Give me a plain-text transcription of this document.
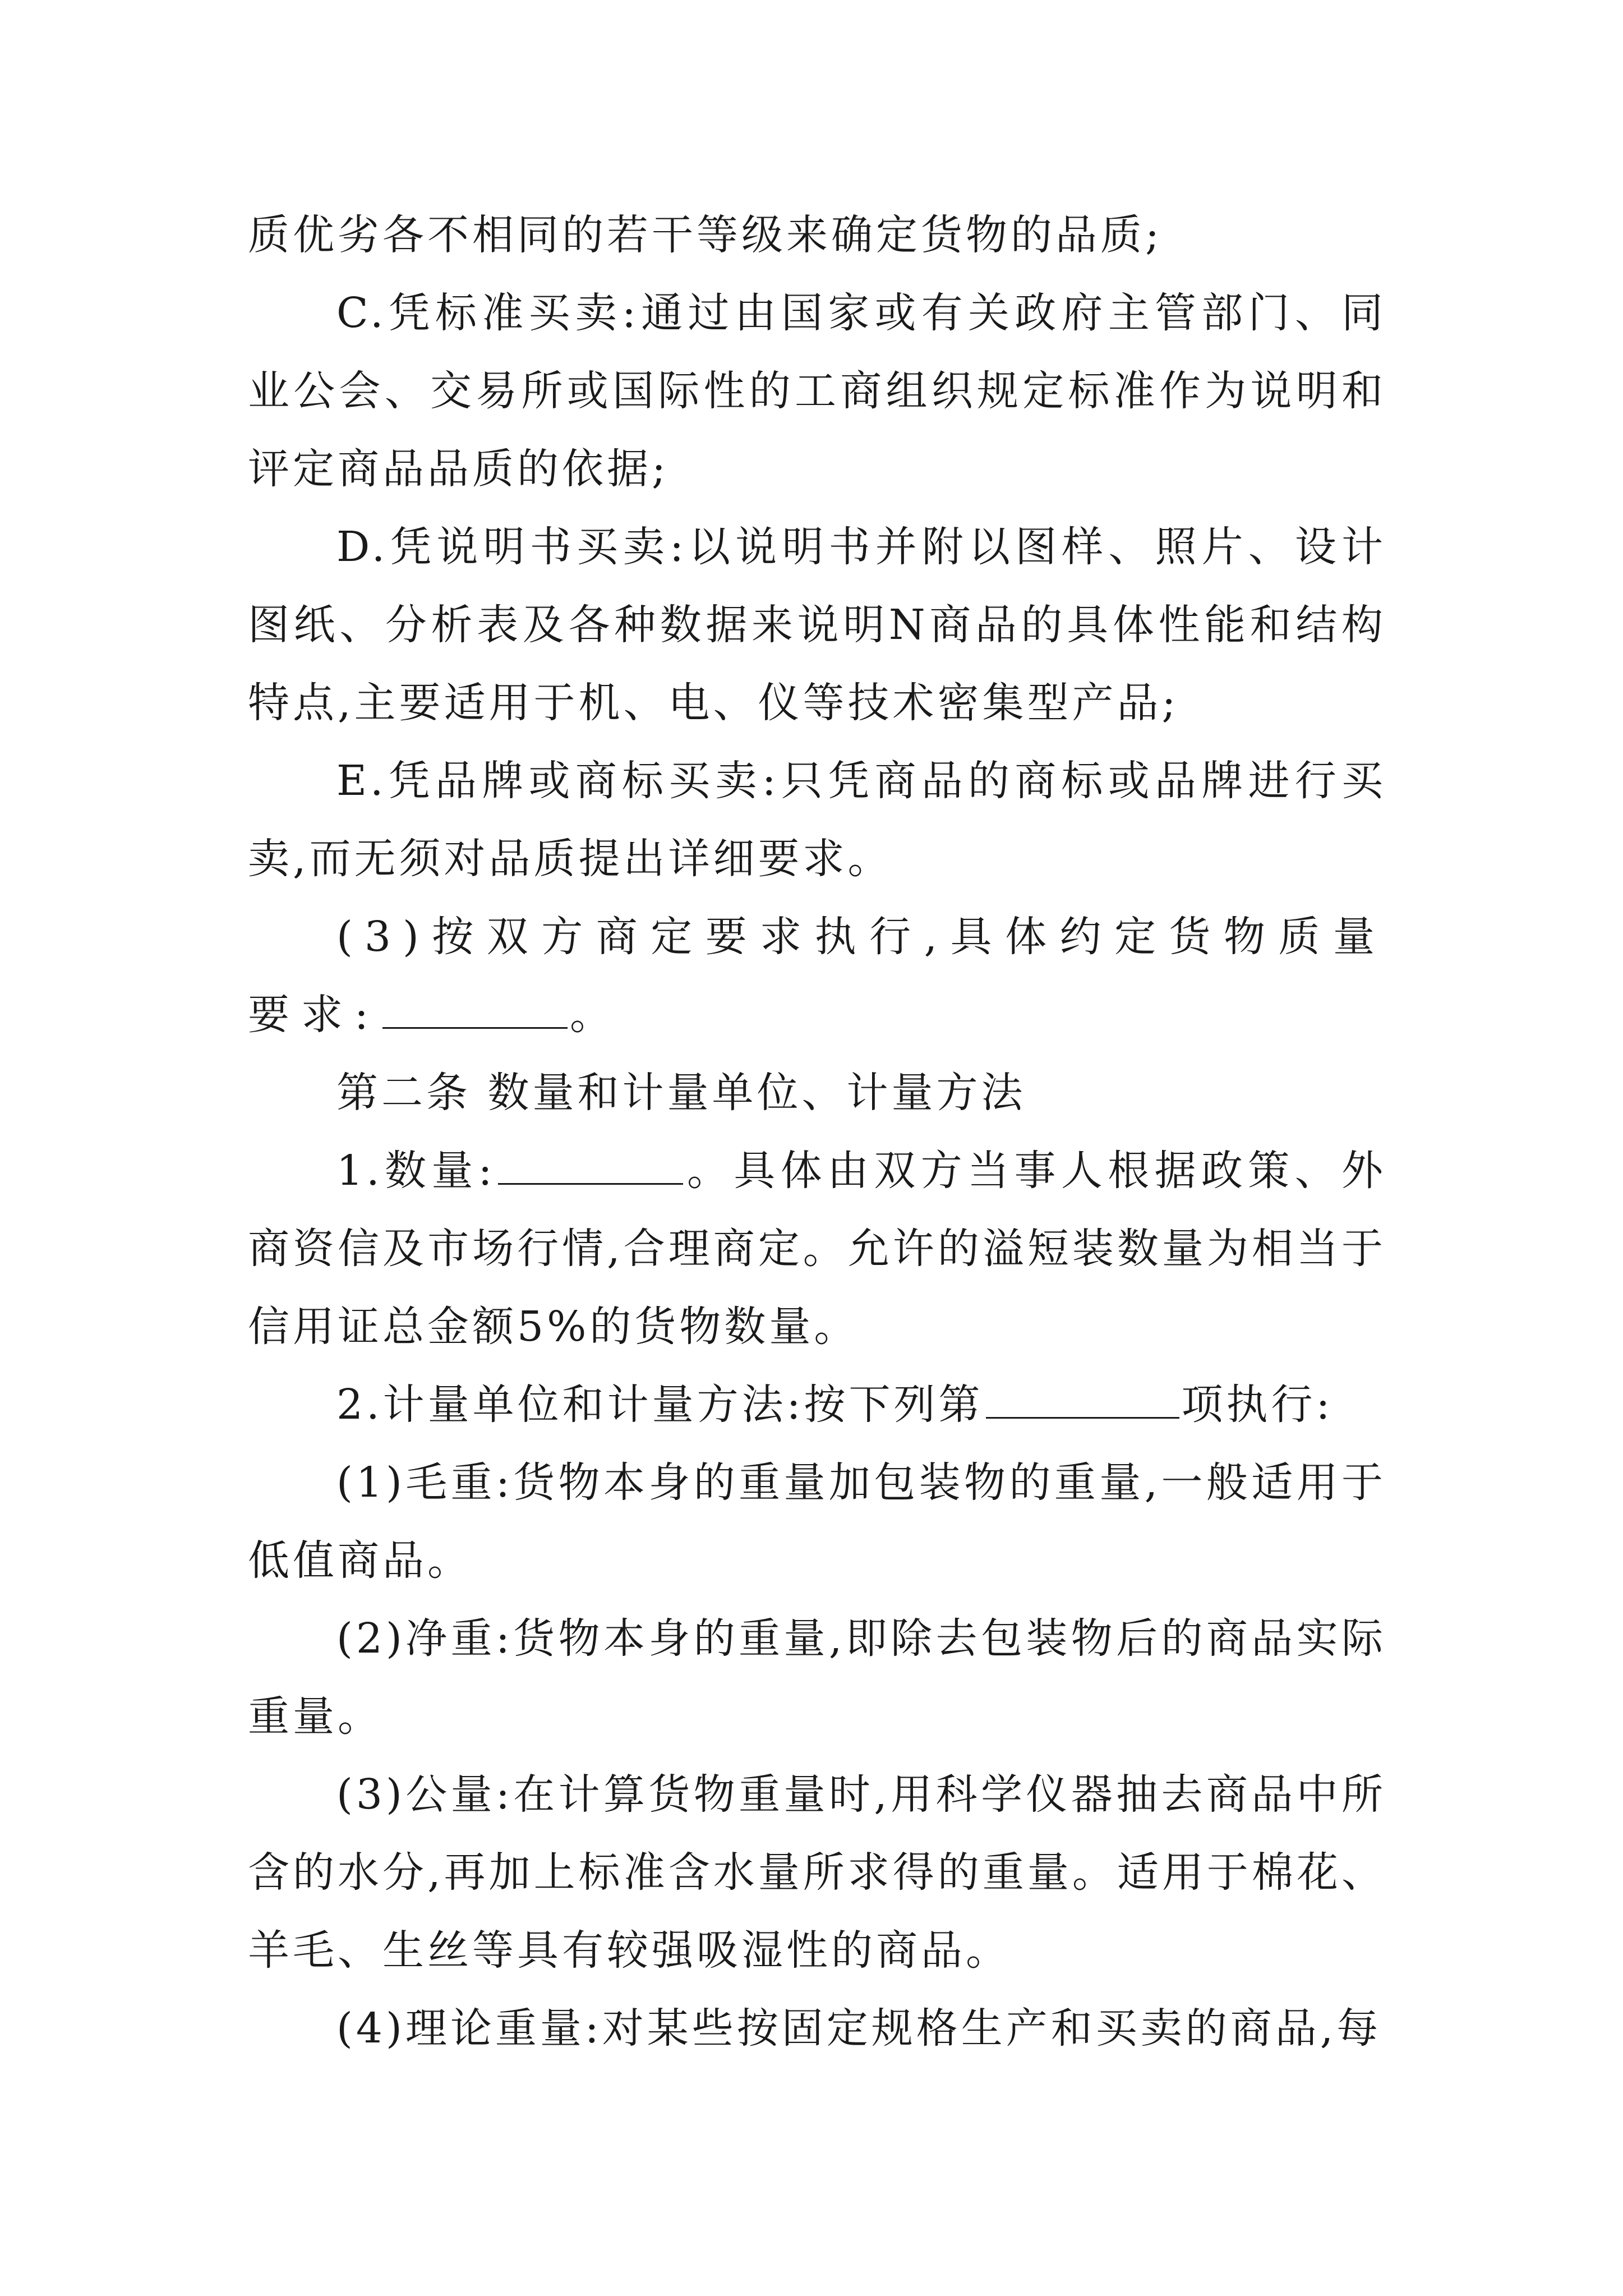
质优劣各不相同的若干等级来确定货物的品质;

C.凭标准买卖:通过由国家或有关政府主管部门、同业公会、交易所或国际性的工商组织规定标准作为说明和评定商品品质的依据;

D.凭说明书买卖:以说明书并附以图样、照片、设计图纸、分析表及各种数据来说明N商品的具体性能和结构特点,主要适用于机、电、仪等技术密集型产品;

E.凭品牌或商标买卖:只凭商品的商标或品牌进行买卖,而无须对品质提出详细要求。

(3)按双方商定要求执行,具体约定货物质量要求:	。

第二条 数量和计量单位、计量方法

1.数量:	。具体由双方当事人根据政策、外商资信及市场行情,合理商定。允许的溢短装数量为相当于信用证总金额5%的货物数量。

2.计量单位和计量方法:按下列第	项执行:

(1)毛重:货物本身的重量加包装物的重量,一般适用于低值商品。

(2)净重:货物本身的重量,即除去包装物后的商品实际重量。

(3)公量:在计算货物重量时,用科学仪器抽去商品中所含的水分,再加上标准含水量所求得的重量。适用于棉花、羊毛、生丝等具有较强吸湿性的商品。

(4)理论重量:对某些按固定规格生产和买卖的商品,每
